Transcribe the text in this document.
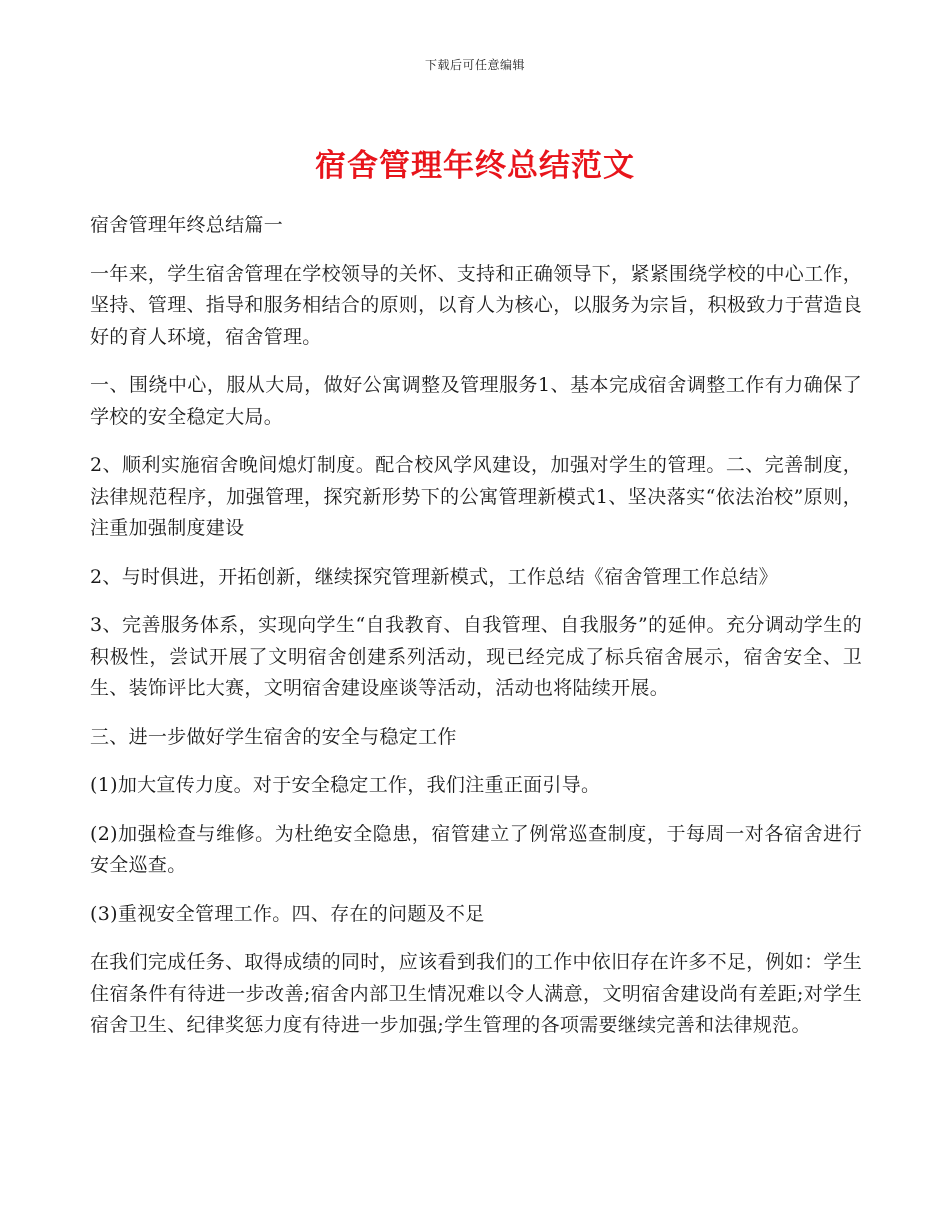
下载后可任意编辑
宿舍管理年终总结范文

宿舍管理年终总结篇一

一年来，学生宿舍管理在学校领导的关怀、支持和正确领导下，紧紧围绕学校的中心工作，坚持、管理、指导和服务相结合的原则，以育人为核心，以服务为宗旨，积极致力于营造良好的育人环境，宿舍管理。

一、围绕中心，服从大局，做好公寓调整及管理服务1、基本完成宿舍调整工作有力确保了学校的安全稳定大局。

2、顺利实施宿舍晚间熄灯制度。配合校风学风建设，加强对学生的管理。二、完善制度，法律规范程序，加强管理，探究新形势下的公寓管理新模式1、坚决落实“依法治校”原则，注重加强制度建设

2、与时俱进，开拓创新，继续探究管理新模式，工作总结《宿舍管理工作总结》

3、完善服务体系，实现向学生“自我教育、自我管理、自我服务”的延伸。充分调动学生的积极性，尝试开展了文明宿舍创建系列活动，现已经完成了标兵宿舍展示，宿舍安全、卫生、装饰评比大赛，文明宿舍建设座谈等活动，活动也将陆续开展。

三、进一步做好学生宿舍的安全与稳定工作

(1)加大宣传力度。对于安全稳定工作，我们注重正面引导。

(2)加强检查与维修。为杜绝安全隐患，宿管建立了例常巡查制度，于每周一对各宿舍进行安全巡查。

(3)重视安全管理工作。四、存在的问题及不足

在我们完成任务、取得成绩的同时，应该看到我们的工作中依旧存在许多不足，例如：学生住宿条件有待进一步改善;宿舍内部卫生情况难以令人满意，文明宿舍建设尚有差距;对学生宿舍卫生、纪律奖惩力度有待进一步加强;学生管理的各项需要继续完善和法律规范。
